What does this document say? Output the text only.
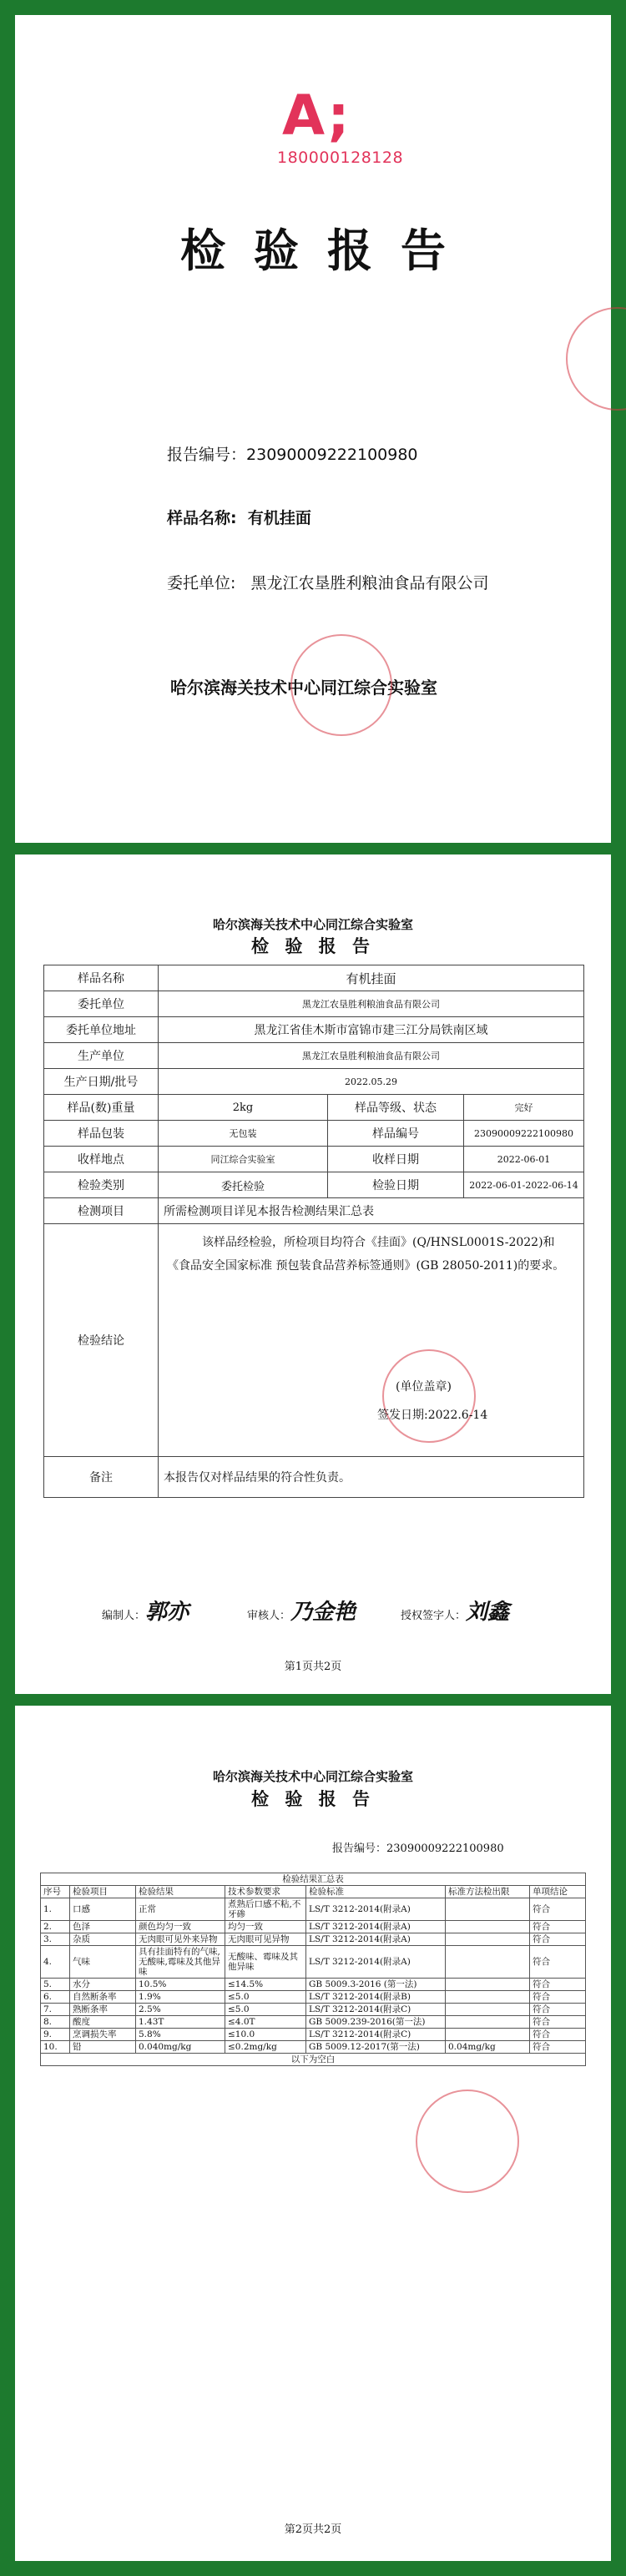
A;
180000128128
检验报告
报告编号：23090009222100980
样品名称: 有机挂面
委托单位: 黑龙江农垦胜利粮油食品有限公司
哈尔滨海关技术中心同江综合实验室
哈尔滨海关技术中心同江综合实验室
检 验 报 告
样品名称	有机挂面		
委托单位	黑龙江农垦胜利粮油食品有限公司		
委托单位地址	黑龙江省佳木斯市富锦市建三江分局铁南区域		
生产单位	黑龙江农垦胜利粮油食品有限公司		
生产日期/批号	2022.05.29		
样品(数)重量	2kg	样品等级、状态	完好
样品包装	无包装	样品编号	23090009222100980
收样地点	同江综合实验室	收样日期	2022-06-01
检验类别	委托检验	检验日期	2022-06-01-2022-06-14
检测项目	所需检测项目详见本报告检测结果汇总表		
检验结论	该样品经检验，所检项目均符合《挂面》(Q/HNSL0001S-2022)和《食品安全国家标准 预包装食品营养标签通则》(GB 28050-2011)的要求。
(单位盖章)
签发日期:2022.6-14		

备注	本报告仅对样品结果的符合性负责。		
编制人：郭亦	审核人：乃金艳	授权签字人：刘鑫
第1页共2页
哈尔滨海关技术中心同江综合实验室
检 验 报 告
报告编号：23090009222100980
检验结果汇总表						
序号	检验项目	检验结果	技术参数要求	检验标准	标准方法检出限	单项结论
1.	口感	正常	煮熟后口感不粘,不牙碜	LS/T 3212-2014(附录A)		符合
2.	色泽	颜色均匀一致	均匀一致	LS/T 3212-2014(附录A)		符合
3.	杂质	无肉眼可见外来异物	无肉眼可见异物	LS/T 3212-2014(附录A)		符合
4.	气味	具有挂面特有的气味,无酸味,霉味及其他异味	无酸味、霉味及其他异味	LS/T 3212-2014(附录A)		符合
5.	水分	10.5%	≤14.5%	GB 5009.3-2016 (第一法)		符合
6.	自然断条率	1.9%	≤5.0	LS/T 3212-2014(附录B)		符合
7.	熟断条率	2.5%	≤5.0	LS/T 3212-2014(附录C)		符合
8.	酸度	1.43T	≤4.0T	GB 5009.239-2016(第一法)		符合
9.	烹调损失率	5.8%	≤10.0	LS/T 3212-2014(附录C)		符合
10.	铅	0.040mg/kg	≤0.2mg/kg	GB 5009.12-2017(第一法)	0.04mg/kg	符合
以下为空白						
第2页共2页
